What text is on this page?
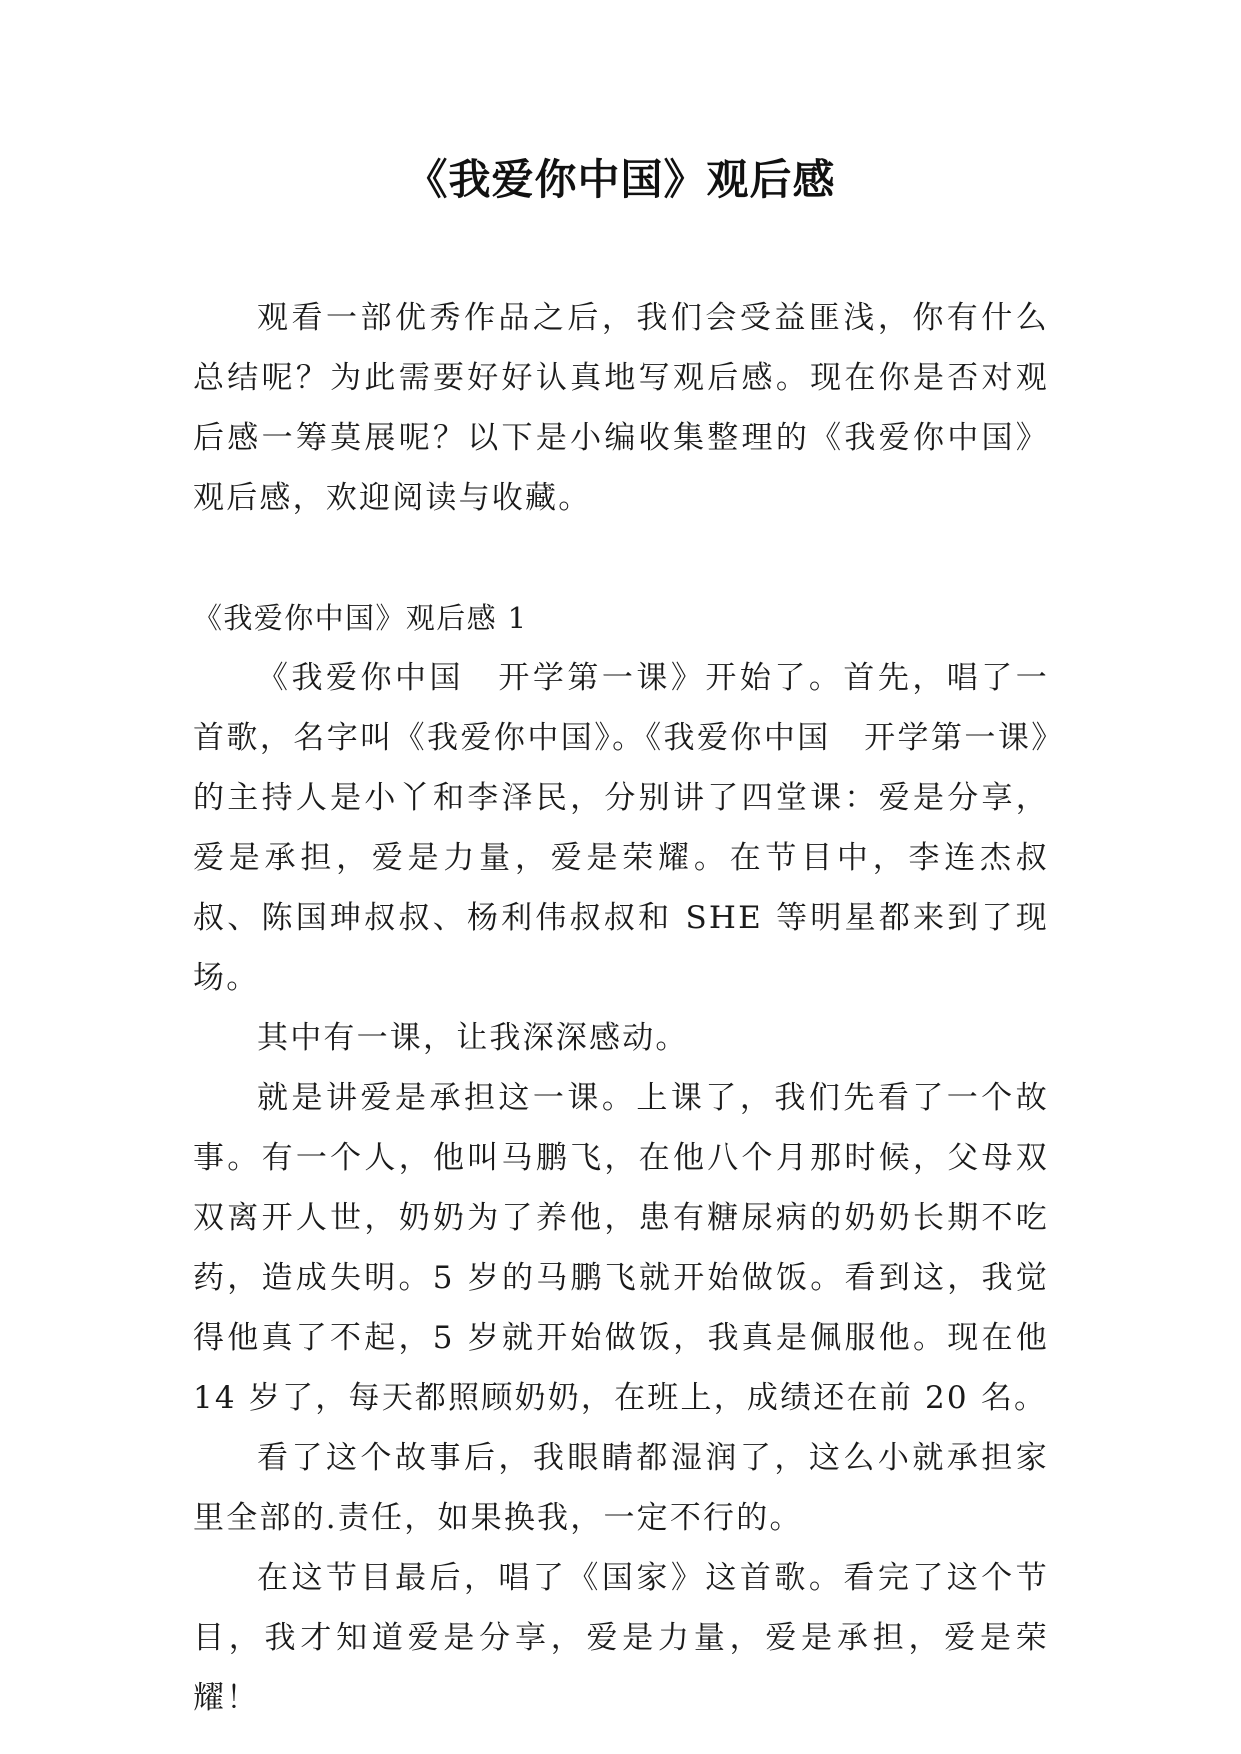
《我爱你中国》观后感

观看一部优秀作品之后，我们会受益匪浅，你有什么总结呢？为此需要好好认真地写观后感。现在你是否对观后感一筹莫展呢？以下是小编收集整理的《我爱你中国》观后感，欢迎阅读与收藏。

《我爱你中国》观后感 1

《我爱你中国　开学第一课》开始了。首先，唱了一首歌，名字叫《我爱你中国》。《我爱你中国　开学第一课》的主持人是小丫和李泽民，分别讲了四堂课：爱是分享，爱是承担，爱是力量，爱是荣耀。在节目中，李连杰叔叔、陈国珅叔叔、杨利伟叔叔和 SHE 等明星都来到了现场。

其中有一课，让我深深感动。

就是讲爱是承担这一课。上课了，我们先看了一个故事。有一个人，他叫马鹏飞，在他八个月那时候，父母双双离开人世，奶奶为了养他，患有糖尿病的奶奶长期不吃药，造成失明。5 岁的马鹏飞就开始做饭。看到这，我觉得他真了不起，5 岁就开始做饭，我真是佩服他。现在他 14 岁了，每天都照顾奶奶，在班上，成绩还在前 20 名。

看了这个故事后，我眼睛都湿润了，这么小就承担家里全部的.责任，如果换我，一定不行的。

在这节目最后，唱了《国家》这首歌。看完了这个节目，我才知道爱是分享，爱是力量，爱是承担，爱是荣耀！
